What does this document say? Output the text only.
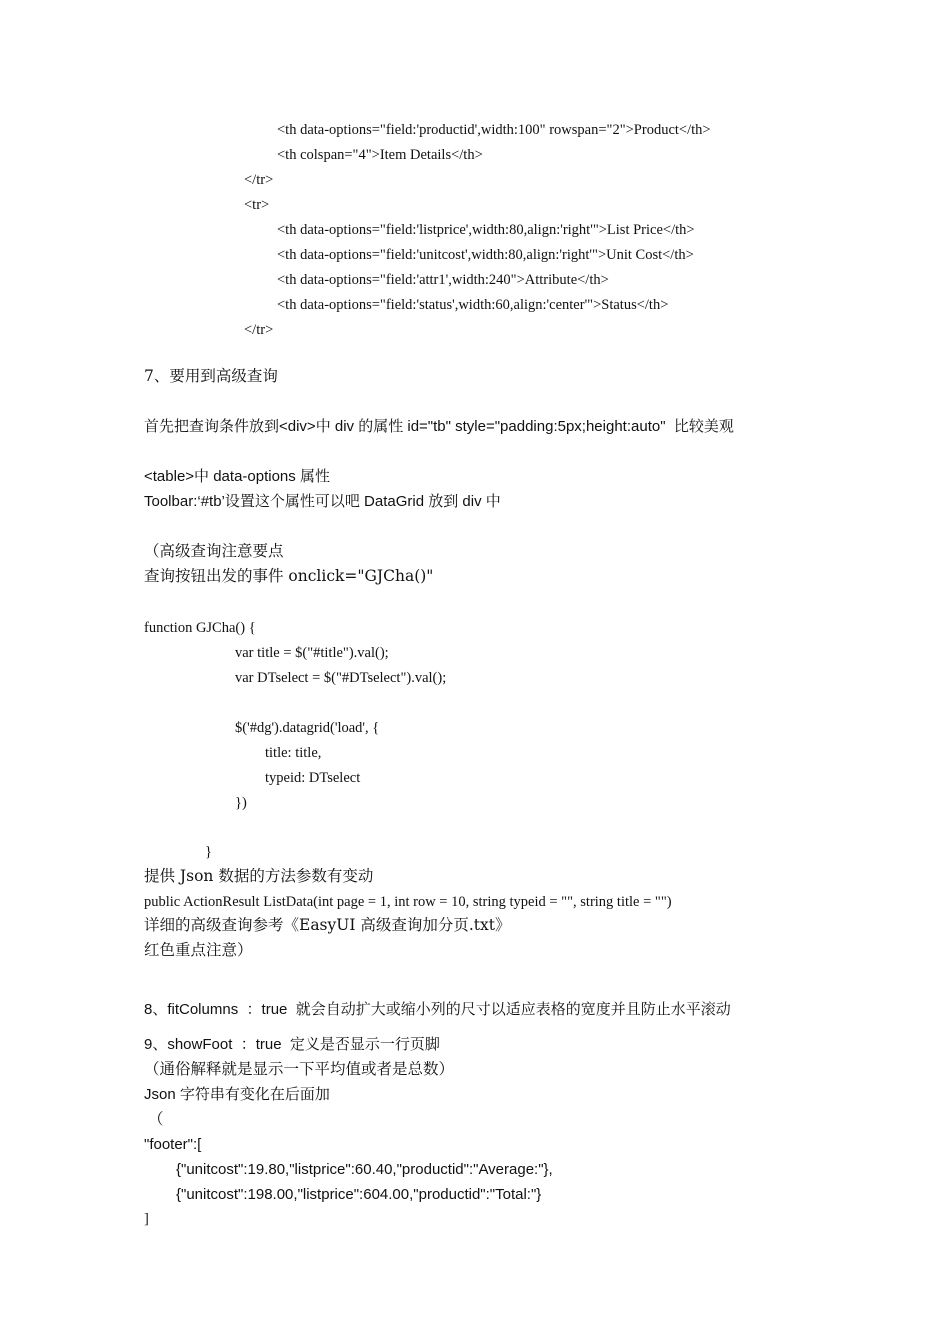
<th data-options="field:'productid',width:100" rowspan="2">Product</th>
<th colspan="4">Item Details</th>
</tr>
<tr>
<th data-options="field:'listprice',width:80,align:'right'">List Price</th>
<th data-options="field:'unitcost',width:80,align:'right'">Unit Cost</th>
<th data-options="field:'attr1',width:240">Attribute</th>
<th data-options="field:'status',width:60,align:'center'">Status</th>
</tr>
7、要用到高级查询
首先把查询条件放到<div>中 div 的属性 id="tb" style="padding:5px;height:auto"  比较美观
<table>中 data-options 属性
Toolbar:‘#tb’设置这个属性可以吧 DataGrid 放到 div 中
（高级查询注意要点
查询按钮出发的事件 onclick="GJCha()"
function GJCha() {
var title = $("#title").val();
var DTselect = $("#DTselect").val();
$('#dg').datagrid('load', {
title: title,
typeid: DTselect
})
}
提供 Json 数据的方法参数有变动
public ActionResult ListData(int page = 1, int row = 10, string typeid = "", string title = "")
详细的高级查询参考《EasyUI 高级查询加分页.txt》
红色重点注意）
8、fitColumns  ：true  就会自动扩大或缩小列的尺寸以适应表格的宽度并且防止水平滚动
9、showFoot  ：true  定义是否显示一行页脚
（通俗解释就是显示一下平均值或者是总数）
Json 字符串有变化在后面加
（
"footer":[
{"unitcost":19.80,"listprice":60.40,"productid":"Average:"},
{"unitcost":198.00,"listprice":604.00,"productid":"Total:"}
]
